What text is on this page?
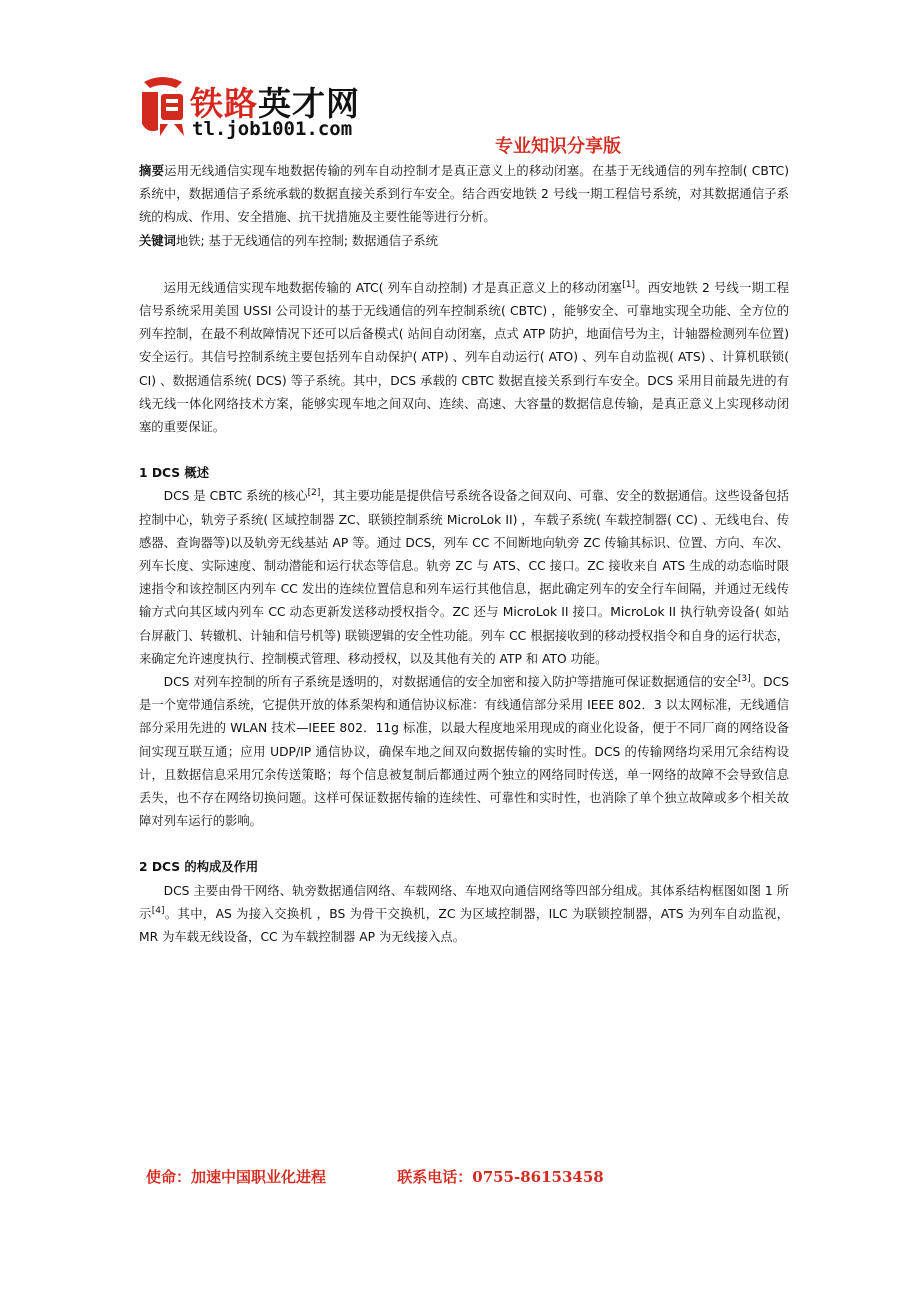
铁路英才网
tl.job1001.com
专业知识分享版

摘要运用无线通信实现车地数据传输的列车自动控制才是真正意义上的移动闭塞。在基于无线通信的列车控制( CBTC) 系统中，数据通信子系统承载的数据直接关系到行车安全。结合西安地铁 2 号线一期工程信号系统，对其数据通信子系统的构成、作用、安全措施、抗干扰措施及主要性能等进行分析。

关键词地铁; 基于无线通信的列车控制; 数据通信子系统

运用无线通信实现车地数据传输的 ATC( 列车自动控制) 才是真正意义上的移动闭塞[1]。西安地铁 2 号线一期工程信号系统采用美国 USSI 公司设计的基于无线通信的列车控制系统( CBTC) ，能够安全、可靠地实现全功能、全方位的列车控制，在最不利故障情况下还可以后备模式( 站间自动闭塞，点式 ATP 防护，地面信号为主，计轴器检测列车位置) 安全运行。其信号控制系统主要包括列车自动保护( ATP) 、列车自动运行( ATO) 、列车自动监视( ATS) 、计算机联锁( CI) 、数据通信系统( DCS) 等子系统。其中，DCS 承载的 CBTC 数据直接关系到行车安全。DCS 采用目前最先进的有线无线一体化网络技术方案，能够实现车地之间双向、连续、高速、大容量的数据信息传输，是真正意义上实现移动闭塞的重要保证。

1 DCS 概述

DCS 是 CBTC 系统的核心[2]，其主要功能是提供信号系统各设备之间双向、可靠、安全的数据通信。这些设备包括控制中心，轨旁子系统( 区域控制器 ZC、联锁控制系统 MicroLok II) ，车载子系统( 车载控制器( CC) 、无线电台、传感器、查询器等)以及轨旁无线基站 AP 等。通过 DCS，列车 CC 不间断地向轨旁 ZC 传输其标识、位置、方向、车次、列车长度、实际速度、制动潜能和运行状态等信息。轨旁 ZC 与 ATS、CC 接口。ZC 接收来自 ATS 生成的动态临时限速指令和该控制区内列车 CC 发出的连续位置信息和列车运行其他信息，据此确定列车的安全行车间隔，并通过无线传输方式向其区域内列车 CC 动态更新发送移动授权指令。ZC 还与 MicroLok II 接口。MicroLok II 执行轨旁设备( 如站台屏蔽门、转辙机、计轴和信号机等) 联锁逻辑的安全性功能。列车 CC 根据接收到的移动授权指令和自身的运行状态，来确定允许速度执行、控制模式管理、移动授权，以及其他有关的 ATP 和 ATO 功能。

DCS 对列车控制的所有子系统是透明的，对数据通信的安全加密和接入防护等措施可保证数据通信的安全[3]。DCS 是一个宽带通信系统，它提供开放的体系架构和通信协议标准：有线通信部分采用 IEEE 802．3 以太网标准，无线通信部分采用先进的 WLAN 技术—IEEE 802．11g 标准，以最大程度地采用现成的商业化设备，便于不同厂商的网络设备间实现互联互通；应用 UDP/IP 通信协议，确保车地之间双向数据传输的实时性。DCS 的传输网络均采用冗余结构设计，且数据信息采用冗余传送策略；每个信息被复制后都通过两个独立的网络同时传送，单一网络的故障不会导致信息丢失，也不存在网络切换问题。这样可保证数据传输的连续性、可靠性和实时性，也消除了单个独立故障或多个相关故障对列车运行的影响。

2 DCS 的构成及作用

DCS 主要由骨干网络、轨旁数据通信网络、车载网络、车地双向通信网络等四部分组成。其体系结构框图如图 1 所示[4]。其中，AS 为接入交换机 ，BS 为骨干交换机，ZC 为区域控制器，ILC 为联锁控制器，ATS 为列车自动监视，MR 为车载无线设备，CC 为车载控制器 AP 为无线接入点。

使命：加速中国职业化进程	联系电话：0755-86153458
